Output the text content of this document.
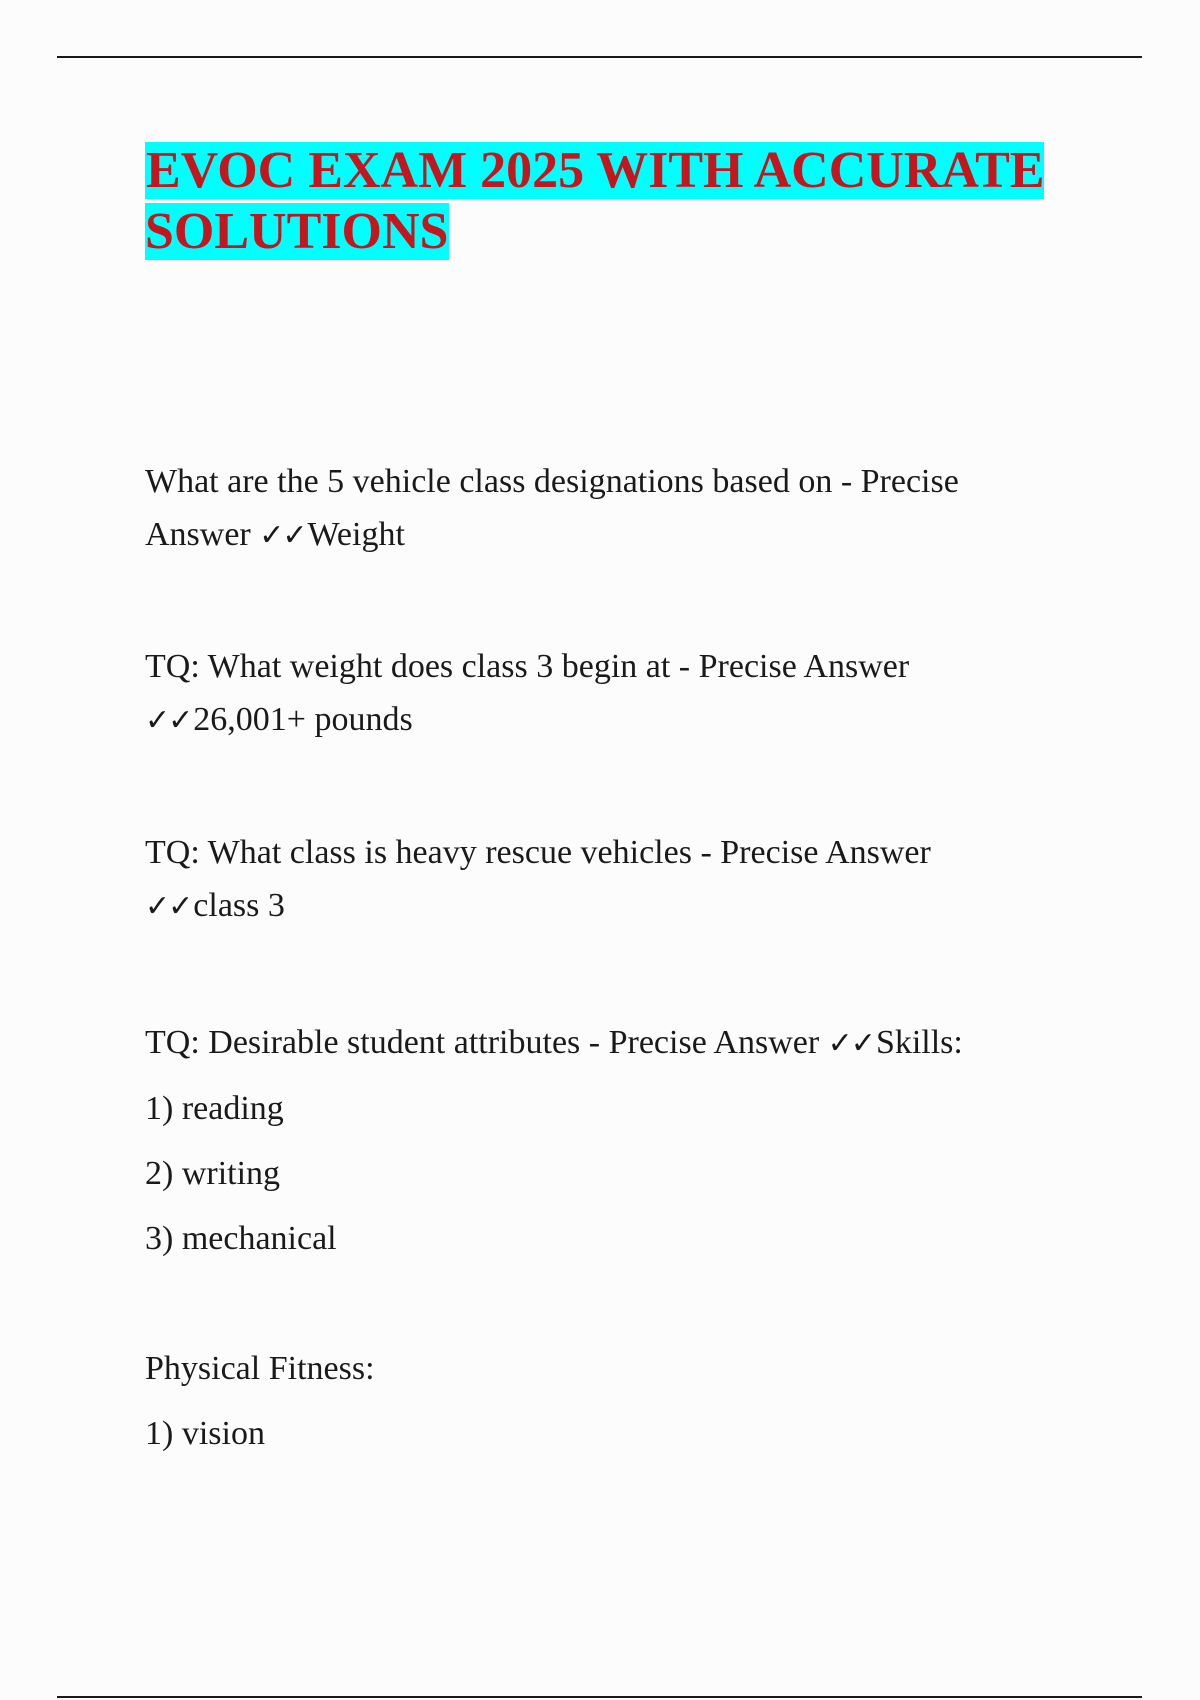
EVOC EXAM 2025 WITH ACCURATE SOLUTIONS

What are the 5 vehicle class designations based on - Precise

Answer ✓✓Weight

TQ: What weight does class 3 begin at - Precise Answer

✓✓26,001+ pounds

TQ: What class is heavy rescue vehicles - Precise Answer

✓✓class 3

TQ: Desirable student attributes - Precise Answer ✓✓Skills:

1) reading

2) writing

3) mechanical

Physical Fitness:

1) vision
